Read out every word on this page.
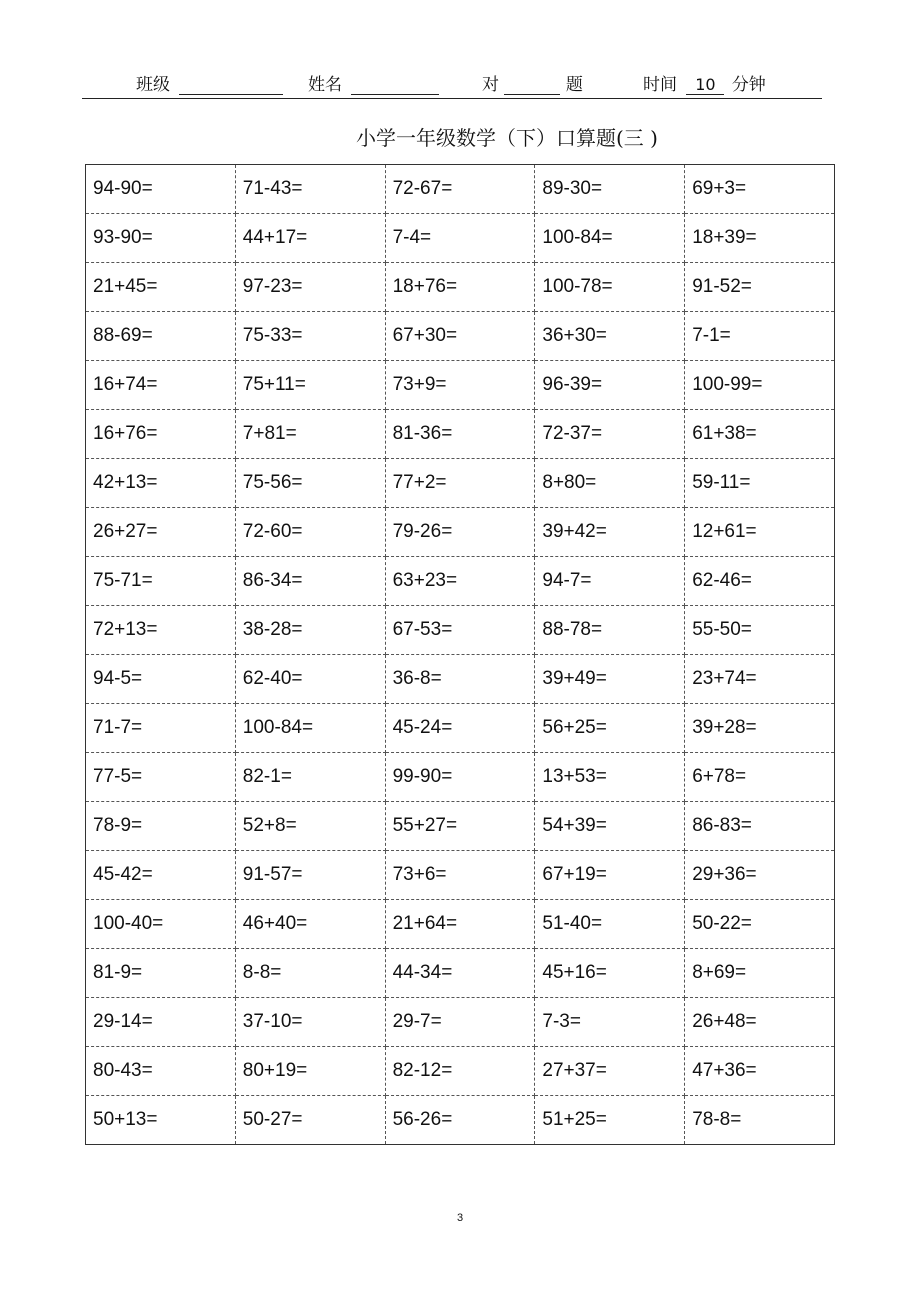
班级	姓名	对	题	时间 10 分钟
小学一年级数学（下）口算题(三 )
94-90=	71-43=	72-67=	89-30=	69+3=
93-90=	44+17=	7-4=	100-84=	18+39=
21+45=	97-23=	18+76=	100-78=	91-52=
88-69=	75-33=	67+30=	36+30=	7-1=
16+74=	75+11=	73+9=	96-39=	100-99=
16+76=	7+81=	81-36=	72-37=	61+38=
42+13=	75-56=	77+2=	8+80=	59-11=
26+27=	72-60=	79-26=	39+42=	12+61=
75-71=	86-34=	63+23=	94-7=	62-46=
72+13=	38-28=	67-53=	88-78=	55-50=
94-5=	62-40=	36-8=	39+49=	23+74=
71-7=	100-84=	45-24=	56+25=	39+28=
77-5=	82-1=	99-90=	13+53=	6+78=
78-9=	52+8=	55+27=	54+39=	86-83=
45-42=	91-57=	73+6=	67+19=	29+36=
100-40=	46+40=	21+64=	51-40=	50-22=
81-9=	8-8=	44-34=	45+16=	8+69=
29-14=	37-10=	29-7=	7-3=	26+48=
80-43=	80+19=	82-12=	27+37=	47+36=
50+13=	50-27=	56-26=	51+25=	78-8=
3
